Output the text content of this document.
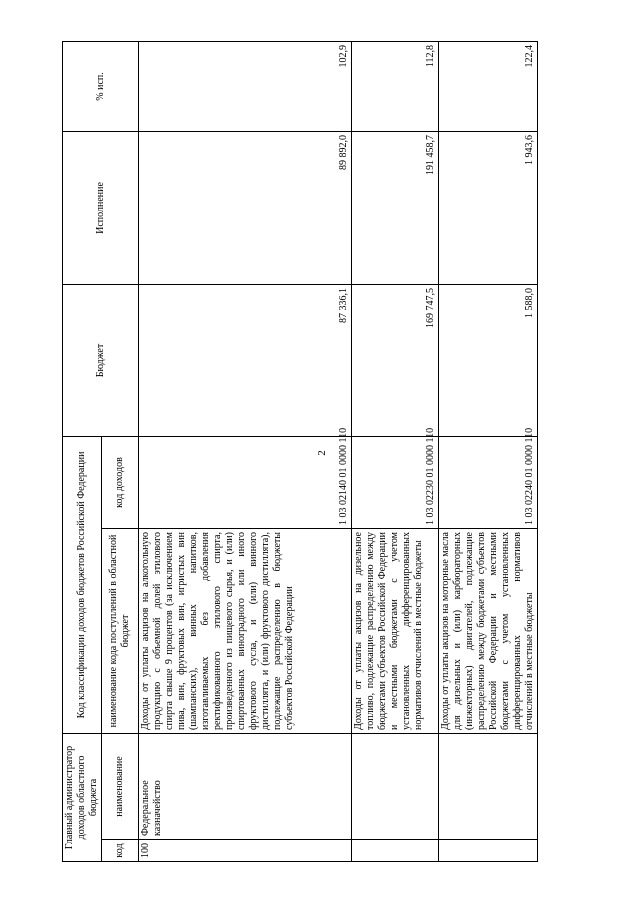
2
Главный администратор доходов областного бюджета		Код классификации доходов бюджетов Российской Федерации		Бюджет	Исполнение	% исп.
код	наименование	наименование кода поступлений в областной бюджет	код доходов			
100	Федеральное казначейство	Доходы от уплаты акцизов на алкогольную продукцию с объемной долей этилового спирта свыше 9 процентов (за исключением пива, вин, фруктовых вин, игристых вин (шампанских), винных напитков, изготавливаемых без добавления ректификованного этилового спирта, произведенного из пищевого сырья, и (или) спиртованных виноградного или иного фруктового сусла, и (или) винного дистиллята, и (или) фруктового дистиллята), подлежащие распределению в бюджеты субъектов Российской Федерации	1 03 02140 01 0000 110	87 336,1	89 892,0	102,9
		Доходы от уплаты акцизов на дизельное топливо, подлежащие распределению между бюджетами субъектов Российской Федерации и местными бюджетами с учетом установленных дифференцированных нормативов отчислений в местные бюджеты	1 03 02230 01 0000 110	169 747,5	191 458,7	112,8
		Доходы от уплаты акцизов на моторные масла для дизельных и (или) карбюраторных (инжекторных) двигателей, подлежащие распределению между бюджетами субъектов Российской Федерации и местными бюджетами с учетом установленных дифференцированных нормативов отчислений в местные бюджеты	1 03 02240 01 0000 110	1 588,0	1 943,6	122,4
